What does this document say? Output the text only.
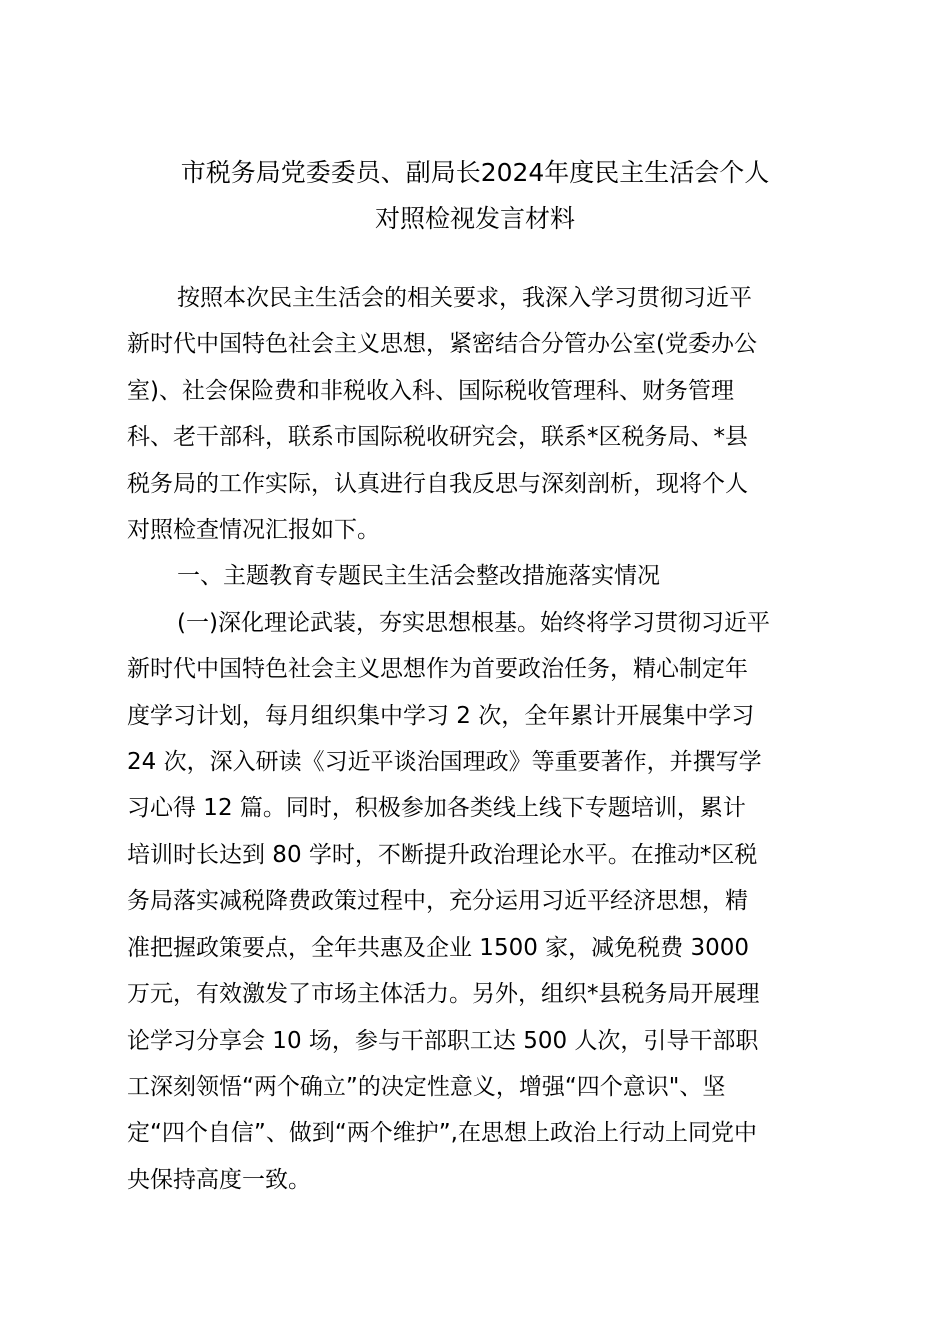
市税务局党委委员、副局长2024年度民主生活会个人
对照检视发言材料

按照本次民主生活会的相关要求，我深入学习贯彻习近平
新时代中国特色社会主义思想，紧密结合分管办公室(党委办公
室)、社会保险费和非税收入科、国际税收管理科、财务管理
科、老干部科，联系市国际税收研究会，联系*区税务局、*县
税务局的工作实际，认真进行自我反思与深刻剖析，现将个人
对照检查情况汇报如下。

一、主题教育专题民主生活会整改措施落实情况

(一)深化理论武装，夯实思想根基。始终将学习贯彻习近平
新时代中国特色社会主义思想作为首要政治任务，精心制定年
度学习计划，每月组织集中学习 2 次，全年累计开展集中学习
24 次，深入研读《习近平谈治国理政》等重要著作，并撰写学
习心得 12 篇。同时，积极参加各类线上线下专题培训，累计
培训时长达到 80 学时，不断提升政治理论水平。在推动*区税
务局落实减税降费政策过程中，充分运用习近平经济思想，精
准把握政策要点，全年共惠及企业 1500 家，减免税费 3000
万元，有效激发了市场主体活力。另外，组织*县税务局开展理
论学习分享会 10 场，参与干部职工达 500 人次，引导干部职
工深刻领悟“两个确立”的决定性意义，增强“四个意识"、坚
定“四个自信”、做到“两个维护”,在思想上政治上行动上同党中
央保持高度一致。
